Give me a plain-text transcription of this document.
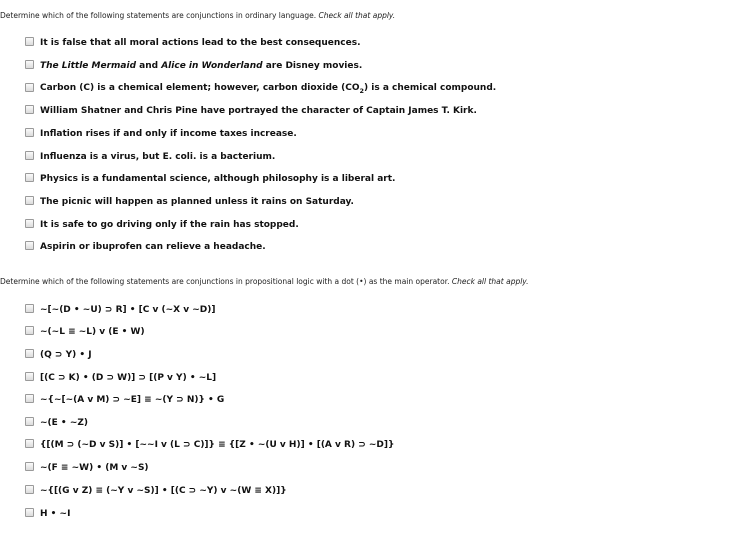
Determine which of the following statements are conjunctions in ordinary language. Check all that apply.
It is false that all moral actions lead to the best consequences.
The Little Mermaid and Alice in Wonderland are Disney movies.
Carbon (C) is a chemical element; however, carbon dioxide $(CO_2)$ is a chemical compound.
William Shatner and Chris Pine have portrayed the character of Captain James T. Kirk.
Inflation rises if and only if income taxes increase.
Influenza is a virus, but E. coli. is a bacterium.
Physics is a fundamental science, although philosophy is a liberal art.
The picnic will happen as planned unless it rains on Saturday.
It is safe to go driving only if the rain has stopped.
Aspirin or ibuprofen can relieve a headache.
Determine which of the following statements are conjunctions in propositional logic with a dot (•) as the main operator. Check all that apply.
~[~(D • ~U) ⊃ R] • [C v (~X v ~D)]
~(~L ≡ ~L) v (E • W)
(Q ⊃ Y) • J
[(C ⊃ K) • (D ⊃ W)] ⊃ [(P v Y) • ~L]
~{~[~(A v M) ⊃ ~E] ≡ ~(Y ⊃ N)} • G
~(E • ~Z)
{[(M ⊃ (~D v S)] • [~~I v (L ⊃ C)]} ≡ {[Z • ~(U v H)] • [(A v R) ⊃ ~D]}
~(F ≡ ~W) • (M v ~S)
~{[(G v Z) ≡ (~Y v ~S)] • [(C ⊃ ~Y) v ~(W ≡ X)]}
H • ~I
